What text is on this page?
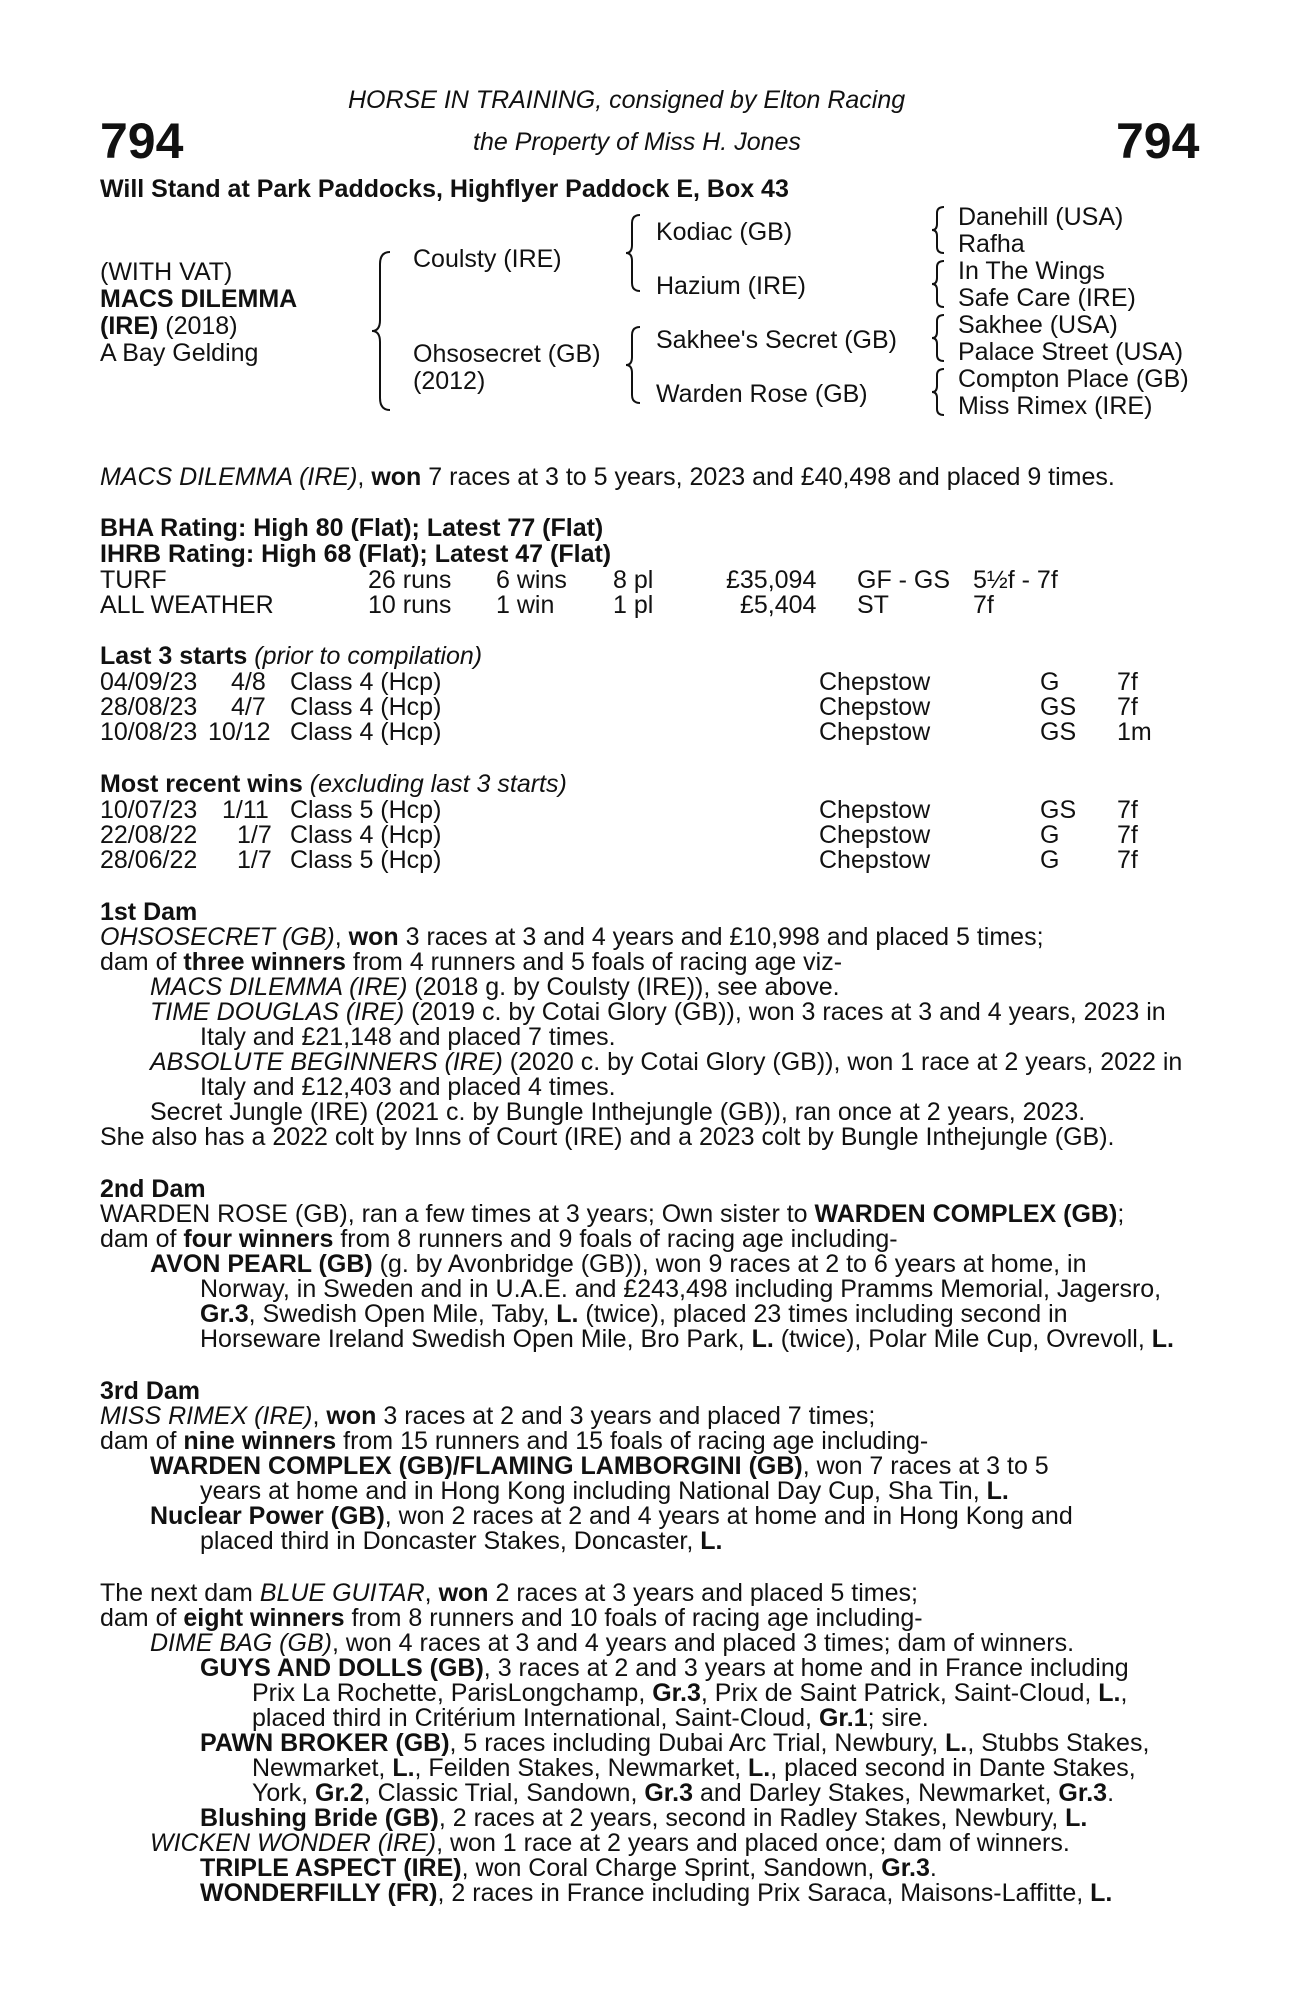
794	794
HORSE IN TRAINING, consigned by Elton Racing
the Property of Miss H. Jones
Will Stand at Park Paddocks, Highflyer Paddock E, Box 43
(WITH VAT)
MACS DILEMMA
(IRE) (2018)
A Bay Gelding
Coulsty (IRE)
Ohsosecret (GB)
(2012)
Kodiac (GB)
Hazium (IRE)
Sakhee's Secret (GB)
Warden Rose (GB)
Danehill (USA)
Rafha
In The Wings
Safe Care (IRE)
Sakhee (USA)
Palace Street (USA)
Compton Place (GB)
Miss Rimex (IRE)
MACS DILEMMA (IRE), won 7 races at 3 to 5 years, 2023 and £40,498 and placed 9 times.
BHA Rating: High 80 (Flat); Latest 77 (Flat)
IHRB Rating: High 68 (Flat); Latest 47 (Flat)
TURF	26 runs 6 wins 8 pl	£35,094 GF - GS 5½f - 7f
ALL WEATHER	10 runs 1 win 1 pl	£5,404 ST	7f
Last 3 starts (prior to compilation)
04/09/23 4/8 Class 4 (Hcp)	Chepstow	G 7f
28/08/23 4/7 Class 4 (Hcp)	Chepstow	GS 7f
10/08/23 10/12 Class 4 (Hcp)	Chepstow	GS 1m
Most recent wins (excluding last 3 starts)
10/07/23 1/11 Class 5 (Hcp)	Chepstow	GS 7f
22/08/22 1/7 Class 4 (Hcp)	Chepstow	G 7f
28/06/22 1/7 Class 5 (Hcp)	Chepstow	G 7f
1st Dam
OHSOSECRET (GB), won 3 races at 3 and 4 years and £10,998 and placed 5 times;
dam of three winners from 4 runners and 5 foals of racing age viz-
MACS DILEMMA (IRE) (2018 g. by Coulsty (IRE)), see above.
TIME DOUGLAS (IRE) (2019 c. by Cotai Glory (GB)), won 3 races at 3 and 4 years, 2023 in
Italy and £21,148 and placed 7 times.
ABSOLUTE BEGINNERS (IRE) (2020 c. by Cotai Glory (GB)), won 1 race at 2 years, 2022 in
Italy and £12,403 and placed 4 times.
Secret Jungle (IRE) (2021 c. by Bungle Inthejungle (GB)), ran once at 2 years, 2023.
She also has a 2022 colt by Inns of Court (IRE) and a 2023 colt by Bungle Inthejungle (GB).
2nd Dam
WARDEN ROSE (GB), ran a few times at 3 years; Own sister to WARDEN COMPLEX (GB);
dam of four winners from 8 runners and 9 foals of racing age including-
AVON PEARL (GB) (g. by Avonbridge (GB)), won 9 races at 2 to 6 years at home, in
Norway, in Sweden and in U.A.E. and £243,498 including Pramms Memorial, Jagersro,
Gr.3, Swedish Open Mile, Taby, L. (twice), placed 23 times including second in
Horseware Ireland Swedish Open Mile, Bro Park, L. (twice), Polar Mile Cup, Ovrevoll, L.
3rd Dam
MISS RIMEX (IRE), won 3 races at 2 and 3 years and placed 7 times;
dam of nine winners from 15 runners and 15 foals of racing age including-
WARDEN COMPLEX (GB)/FLAMING LAMBORGINI (GB), won 7 races at 3 to 5
years at home and in Hong Kong including National Day Cup, Sha Tin, L.
Nuclear Power (GB), won 2 races at 2 and 4 years at home and in Hong Kong and
placed third in Doncaster Stakes, Doncaster, L.
The next dam BLUE GUITAR, won 2 races at 3 years and placed 5 times;
dam of eight winners from 8 runners and 10 foals of racing age including-
DIME BAG (GB), won 4 races at 3 and 4 years and placed 3 times; dam of winners.
GUYS AND DOLLS (GB), 3 races at 2 and 3 years at home and in France including
Prix La Rochette, ParisLongchamp, Gr.3, Prix de Saint Patrick, Saint-Cloud, L.,
placed third in Critérium International, Saint-Cloud, Gr.1; sire.
PAWN BROKER (GB), 5 races including Dubai Arc Trial, Newbury, L., Stubbs Stakes,
Newmarket, L., Feilden Stakes, Newmarket, L., placed second in Dante Stakes,
York, Gr.2, Classic Trial, Sandown, Gr.3 and Darley Stakes, Newmarket, Gr.3.
Blushing Bride (GB), 2 races at 2 years, second in Radley Stakes, Newbury, L.
WICKEN WONDER (IRE), won 1 race at 2 years and placed once; dam of winners.
TRIPLE ASPECT (IRE), won Coral Charge Sprint, Sandown, Gr.3.
WONDERFILLY (FR), 2 races in France including Prix Saraca, Maisons-Laffitte, L.
